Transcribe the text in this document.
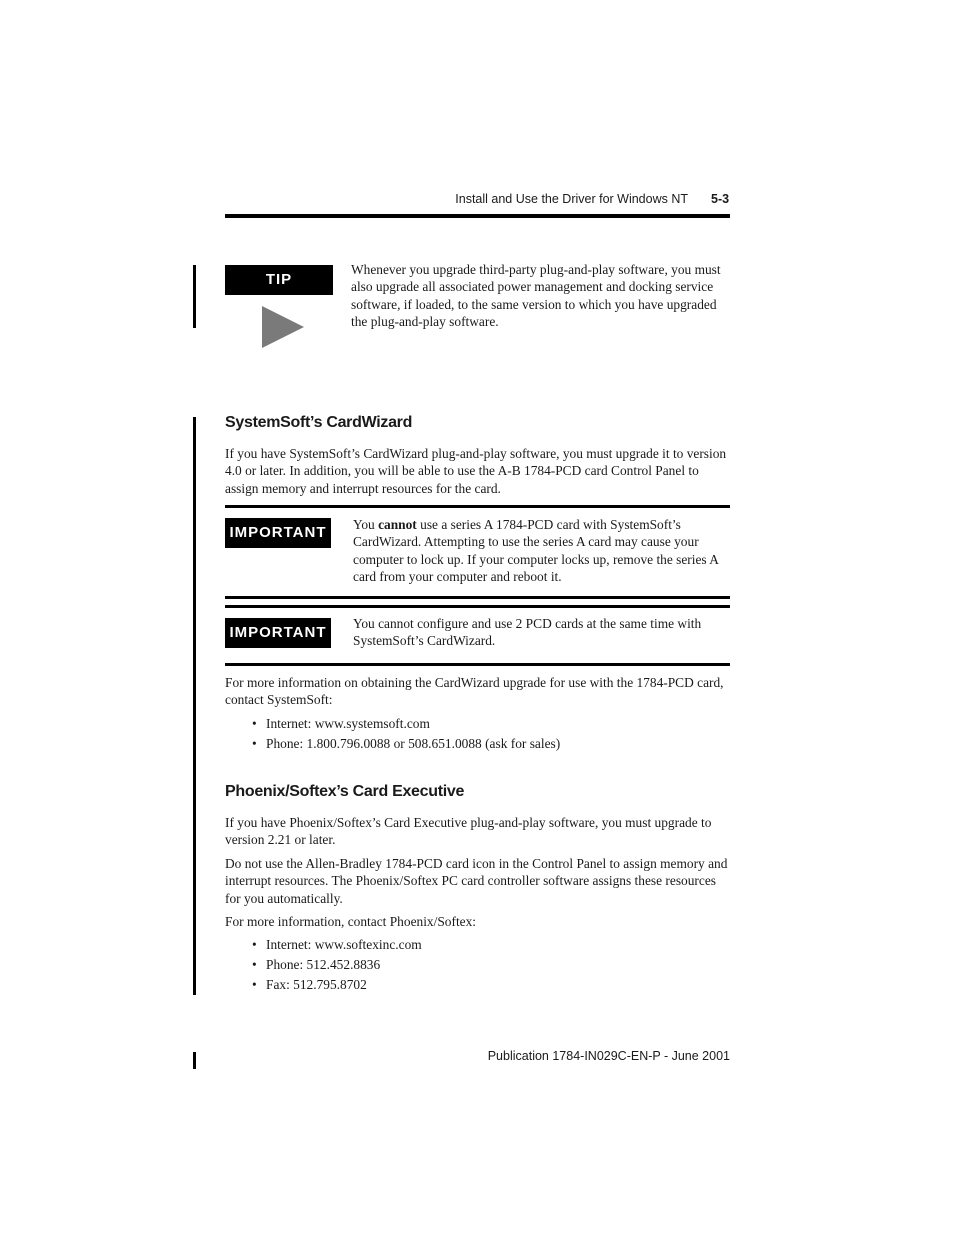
Install and Use the Driver for Windows NT 5-3
TIP
Whenever you upgrade third-party plug-and-play software, you must also upgrade all associated power management and docking service software, if loaded, to the same version to which you have upgraded the plug-and-play software.
SystemSoft’s CardWizard
If you have SystemSoft’s CardWizard plug-and-play software, you must upgrade it to version 4.0 or later. In addition, you will be able to use the A-B 1784-PCD card Control Panel to assign memory and interrupt resources for the card.
IMPORTANT	You cannot use a series A 1784-PCD card with SystemSoft’s CardWizard. Attempting to use the series A card may cause your computer to lock up. If your computer locks up, remove the series A card from your computer and reboot it.
IMPORTANT
You cannot configure and use 2 PCD cards at the same time with SystemSoft’s CardWizard.
For more information on obtaining the CardWizard upgrade for use with the 1784-PCD card, contact SystemSoft:
• Internet: www.systemsoft.com
• Phone: 1.800.796.0088 or 508.651.0088 (ask for sales)
Phoenix/Softex’s Card Executive
If you have Phoenix/Softex’s Card Executive plug-and-play software, you must upgrade to version 2.21 or later.
Do not use the Allen-Bradley 1784-PCD card icon in the Control Panel to assign memory and interrupt resources. The Phoenix/Softex PC card controller software assigns these resources for you automatically.
For more information, contact Phoenix/Softex:
• Internet: www.softexinc.com
• Phone: 512.452.8836
• Fax: 512.795.8702
Publication 1784-IN029C-EN-P - June 2001
